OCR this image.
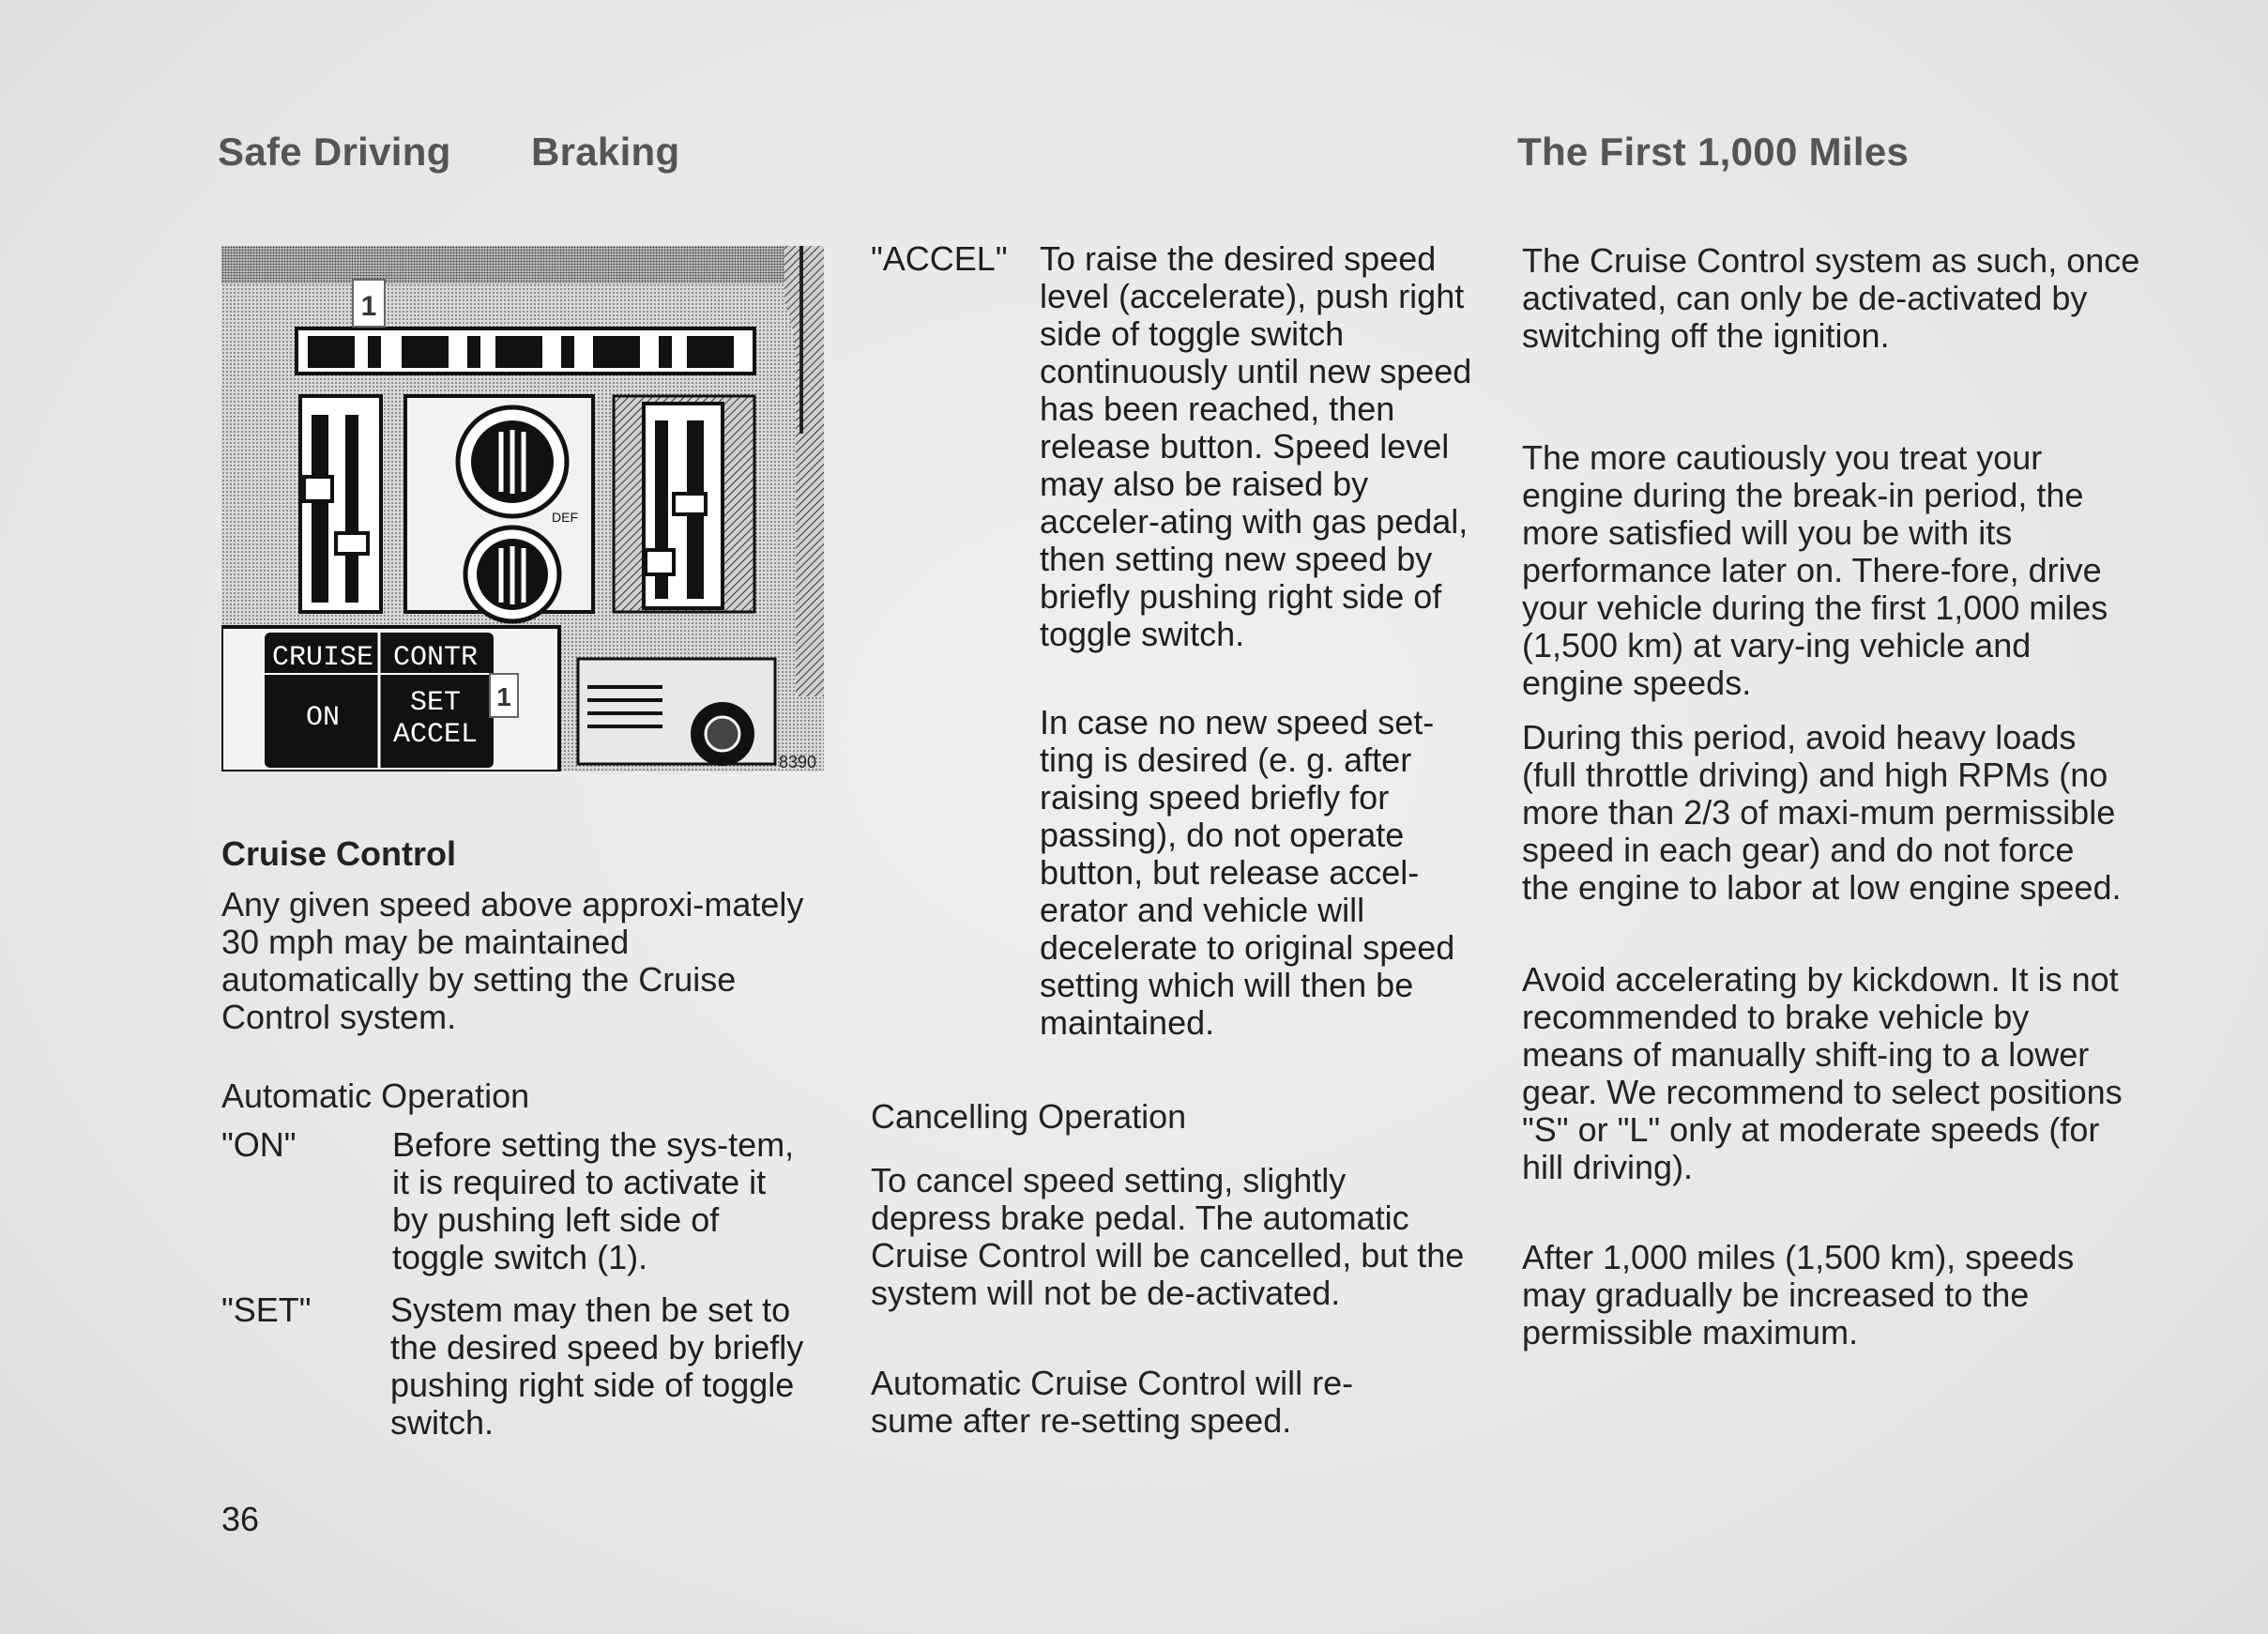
Safe Driving Braking	The First 1,000 Miles
1
DEF
CRUISE CONTR
ON SET
ACCEL
1
8390
Cruise Control
Any given speed above approxi-mately 30 mph may be maintained automatically by setting the Cruise Control system.
Automatic Operation
"ON"	Before setting the sys-tem, it is required to activate it by pushing left side of toggle switch (1).
"SET" System may then be set to the desired speed by briefly pushing right side of toggle switch.
36
"ACCEL" To raise the desired speed level (accelerate), push right side of toggle switch continuously until new speed has been reached, then release button. Speed level may also be raised by acceler-ating with gas pedal, then setting new speed by briefly pushing right side of toggle switch.
In case no new speed set-ting is desired (e. g. after raising speed briefly for passing), do not operate button, but release accel-erator and vehicle will decelerate to original speed setting which will then be maintained.
Cancelling Operation
To cancel speed setting, slightly depress brake pedal. The automatic Cruise Control will be cancelled, but the system will not be de-activated.
Automatic Cruise Control will re-sume after re-setting speed.
The Cruise Control system as such, once activated, can only be de-activated by switching off the ignition.
The more cautiously you treat your engine during the break-in period, the more satisfied will you be with its performance later on. There-fore, drive your vehicle during the first 1,000 miles (1,500 km) at vary-ing vehicle and engine speeds.
During this period, avoid heavy loads (full throttle driving) and high RPMs (no more than 2/3 of maxi-mum permissible speed in each gear) and do not force the engine to labor at low engine speed.
Avoid accelerating by kickdown. It is not recommended to brake vehicle by means of manually shift-ing to a lower gear. We recommend to select positions "S" or "L" only at moderate speeds (for hill driving).
After 1,000 miles (1,500 km), speeds may gradually be increased to the permissible maximum.
